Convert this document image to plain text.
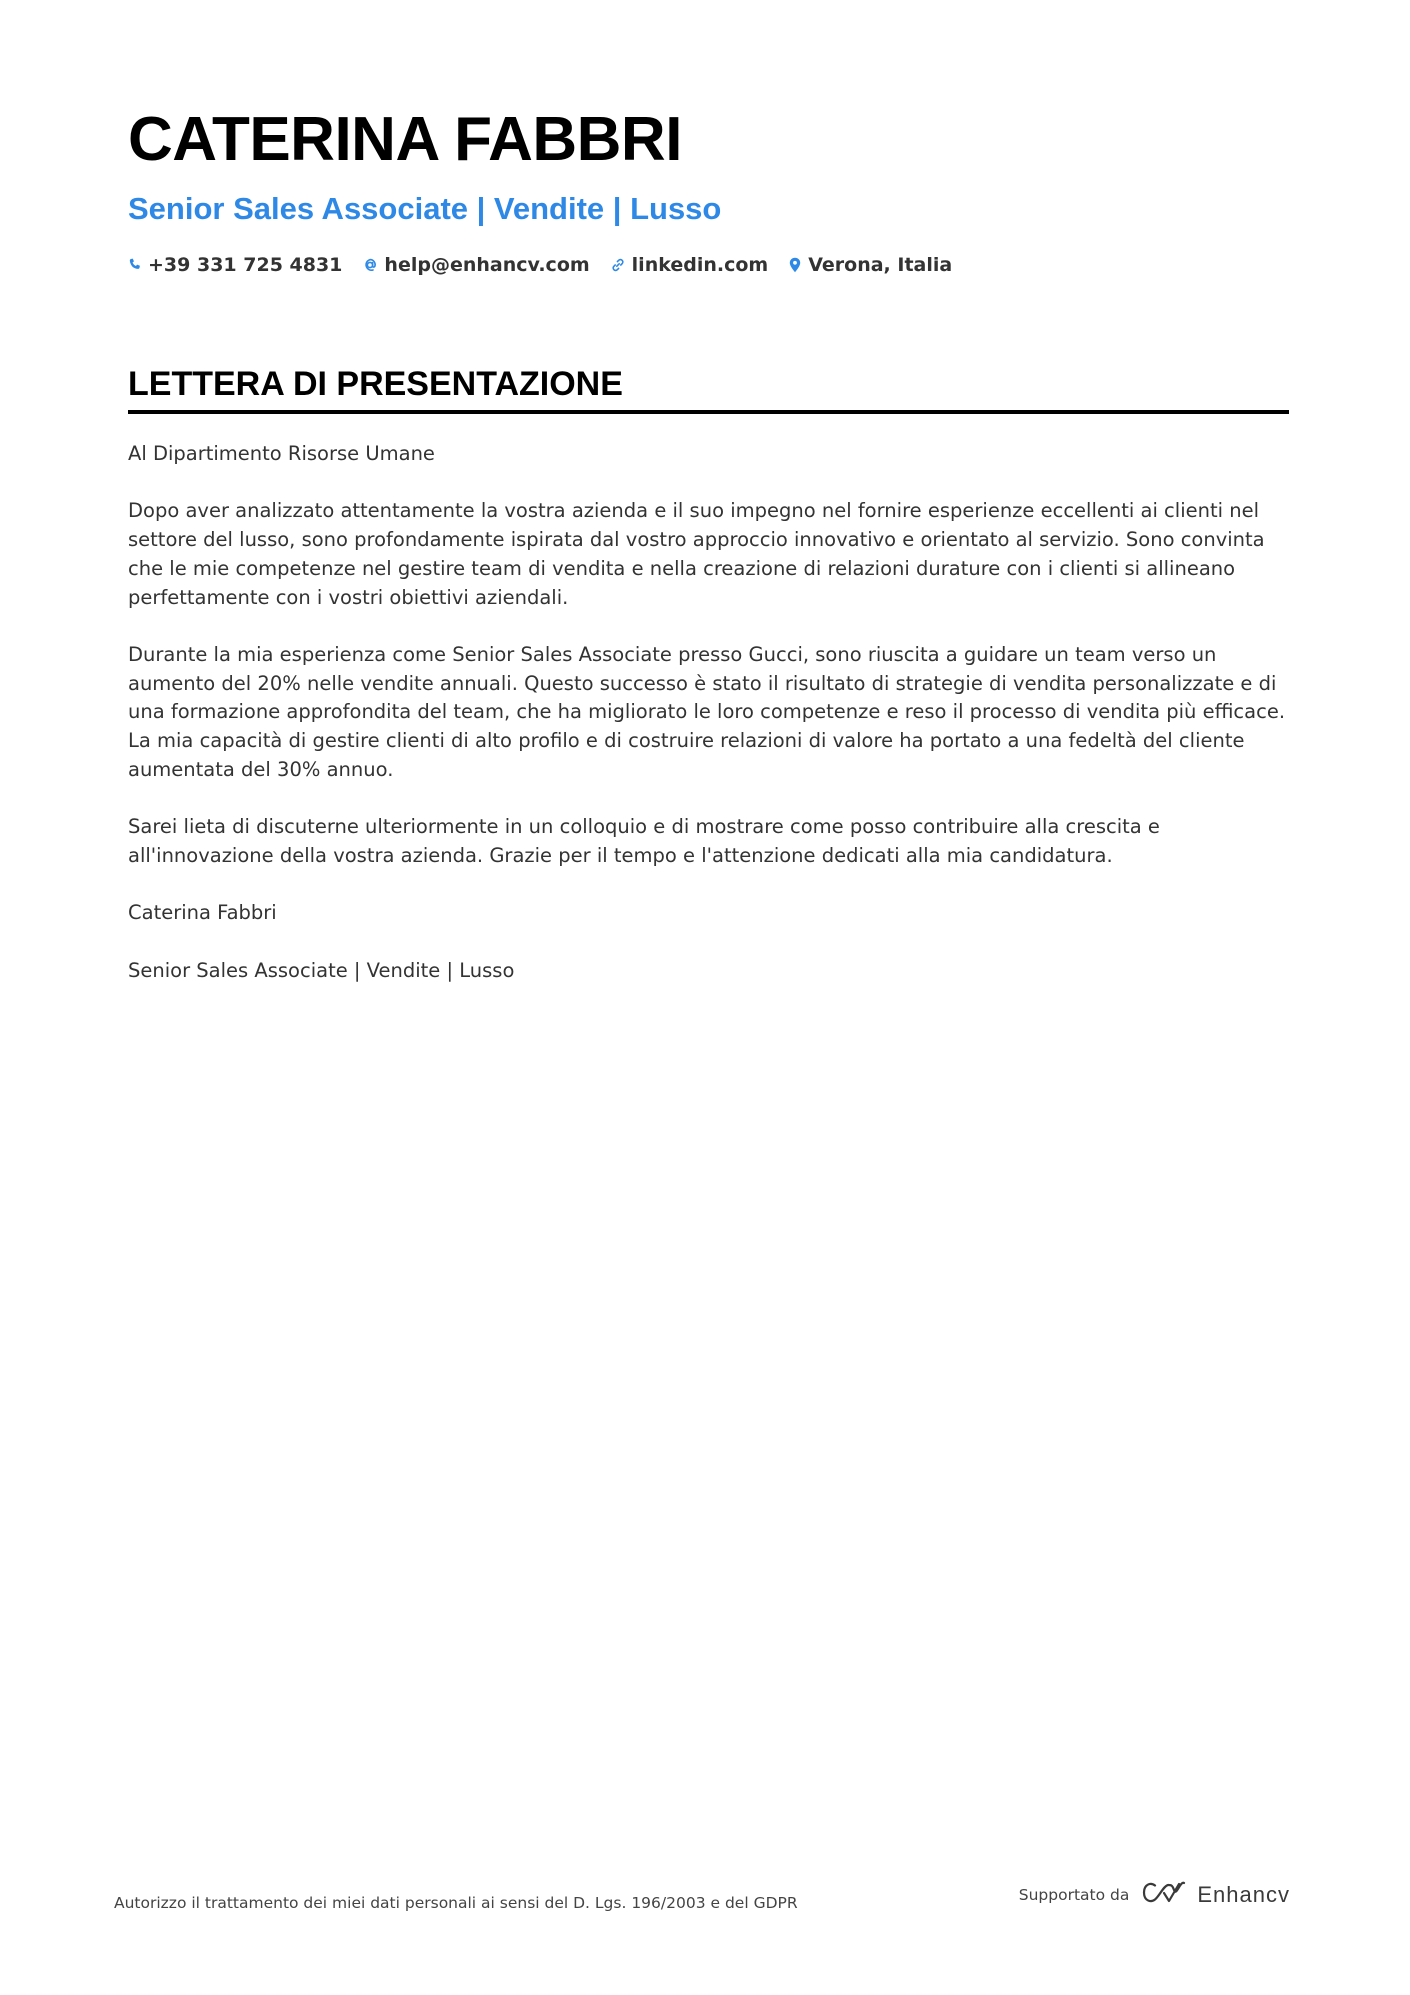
CATERINA FABBRI
Senior Sales Associate | Vendite | Lusso
+39 331 725 4831 help@enhancv.com linkedin.com Verona, Italia
LETTERA DI PRESENTAZIONE

Al Dipartimento Risorse Umane

Dopo aver analizzato attentamente la vostra azienda e il suo impegno nel fornire esperienze eccellenti ai clienti nel settore del lusso, sono profondamente ispirata dal vostro approccio innovativo e orientato al servizio. Sono convinta che le mie competenze nel gestire team di vendita e nella creazione di relazioni durature con i clienti si allineano perfettamente con i vostri obiettivi aziendali.

Durante la mia esperienza come Senior Sales Associate presso Gucci, sono riuscita a guidare un team verso un aumento del 20% nelle vendite annuali. Questo successo è stato il risultato di strategie di vendita personalizzate e di una formazione approfondita del team, che ha migliorato le loro competenze e reso il processo di vendita più efficace. La mia capacità di gestire clienti di alto profilo e di costruire relazioni di valore ha portato a una fedeltà del cliente aumentata del 30% annuo.

Sarei lieta di discuterne ulteriormente in un colloquio e di mostrare come posso contribuire alla crescita e all'innovazione della vostra azienda. Grazie per il tempo e l'attenzione dedicati alla mia candidatura.

Caterina Fabbri

Senior Sales Associate | Vendite | Lusso

Autorizzo il trattamento dei miei dati personali ai sensi del D. Lgs. 196/2003 e del GDPR	Supportato da	Enhancv
